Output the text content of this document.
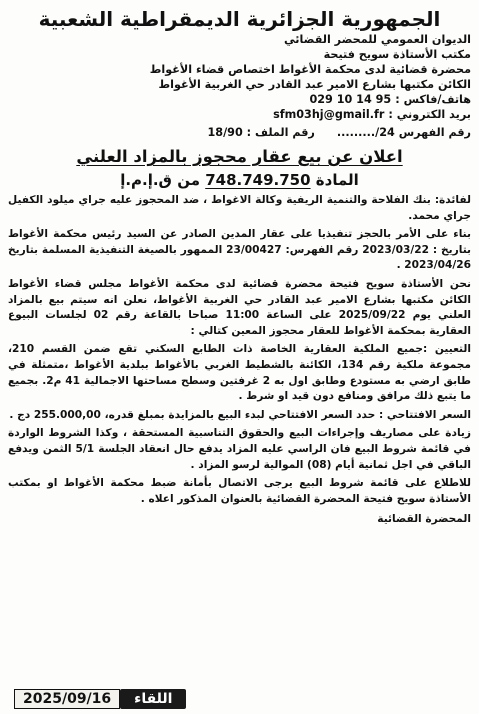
الجمهورية الجزائرية الديمقراطية الشعبية
الديوان العمومي للمحضر القضائي
مكتب الأستاذة سويح فتيحة
محضرة قضائية لدى محكمة الأغواط اختصاص قضاء الأغواط
الكائن مكتبها بشارع الامير عبد القادر حي الغربية الأغواط
هاتف/فاكس :
029 10 14 95
بريد الكتروني :
sfm03hj@gmail.fr
رقم الفهرس ........./24
رقم الملف : 18/90
اعلان عن بيع عقار محجوز بالمزاد العلني
المادة 748.749.750 من ق.إ.م.إ

لفائدة: بنك الفلاحة والتنمية الريفية وكالة الاغواط ، ضد المحجوز عليه جراي ميلود الكفيل جراي محمد.

بناء على الأمر بالحجز تنفيذيا على عقار المدين الصادر عن السيد رئيس محكمة الأغواط بتاريخ : 2023/03/22 رقم الفهرس: 23/00427 الممهور بالصيغة التنفيذية المسلمة بتاريخ 2023/04/26 .

نحن الأستاذة سويح فتيحة محضرة قضائية لدى محكمة الأغواط مجلس قضاء الأغواط الكائن مكتبها بشارع الامير عبد القادر حي الغربية الأغواط، نعلن انه سيتم بيع بالمزاد العلني يوم 2025/09/22 على الساعة 11:00 صباحا بالقاعة رقم 02 لجلسات البيوع العقارية بمحكمة الأغواط للعقار محجوز المعين كتالي :

التعيين :جميع الملكية العقارية الخاصة ذات الطابع السكني تقع ضمن القسم 210، مجموعة ملكية رقم 134، الكائنة بالشطيط الغربي بالأغواط ببلدية الأغواط ،متمثلة في طابق ارضي به مستودع وطابق اول به 2 غرفتين وسطح مساحتها الاجمالية 41 م2. بجميع ما يتبع ذلك مرافق ومنافع دون قيد او شرط .

السعر الافتتاحي : حدد السعر الافتتاحي لبدء البيع بالمزايدة بمبلغ قدره، 255.000,00 دج .

زيادة على مصاريف وإجراءات البيع والحقوق التناسبية المستحقة ، وكذا الشروط الواردة في قائمة شروط البيع فان الراسي عليه المزاد يدفع حال انعقاد الجلسة 5/1 الثمن ويدفع الباقي في اجل ثمانية أيام (08) الموالية لرسو المزاد .

للاطلاع على قائمة شروط البيع يرجى الاتصال بأمانة ضبط محكمة الأغواط او بمكتب الأستاذة سويح فتيحة المحضرة القضائية بالعنوان المذكور اعلاه .

المحضرة القضائية
اللقاء
2025/09/16
